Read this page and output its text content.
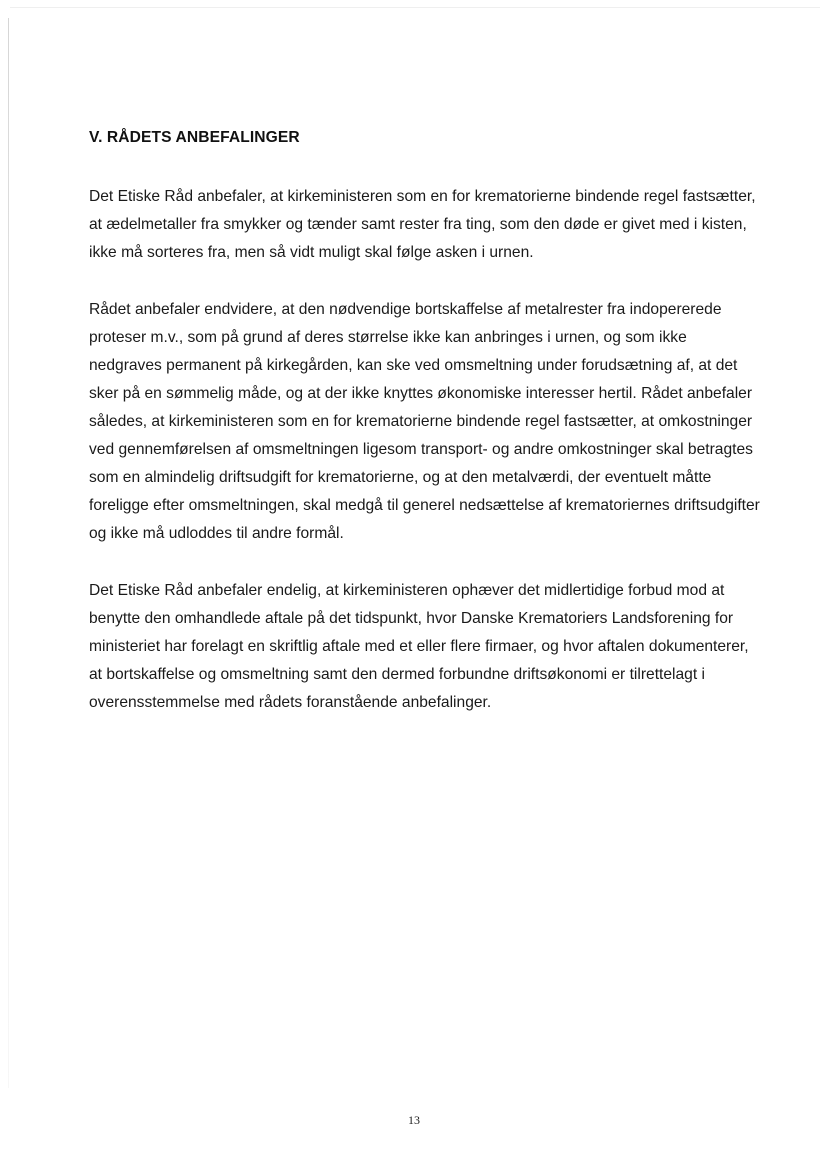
V. RÅDETS ANBEFALINGER

Det Etiske Råd anbefaler, at kirkeministeren som en for krematorierne bindende regel fastsætter, at ædelmetaller fra smykker og tænder samt rester fra ting, som den døde er givet med i kisten, ikke må sorteres fra, men så vidt muligt skal følge asken i urnen.

Rådet anbefaler endvidere, at den nødvendige bortskaffelse af metalrester fra indopererede proteser m.v., som på grund af deres størrelse ikke kan anbringes i urnen, og som ikke nedgraves permanent på kirkegården, kan ske ved omsmeltning under forudsætning af, at det sker på en sømmelig måde, og at der ikke knyttes økonomiske interesser hertil. Rådet anbefaler således, at kirkeministeren som en for krematorierne bindende regel fastsætter, at omkostninger ved gennemførelsen af omsmeltningen ligesom transport- og andre omkostninger skal betragtes som en almindelig driftsudgift for krematorierne, og at den metalværdi, der eventuelt måtte foreligge efter omsmeltningen, skal medgå til generel nedsættelse af krematoriernes driftsudgifter og ikke må udloddes til andre formål.

Det Etiske Råd anbefaler endelig, at kirkeministeren ophæver det midlertidige forbud mod at benytte den omhandlede aftale på det tidspunkt, hvor Danske Krematoriers Landsforening for ministeriet har forelagt en skriftlig aftale med et eller flere firmaer, og hvor aftalen dokumenterer, at bortskaffelse og omsmeltning samt den dermed forbundne driftsøkonomi er tilrettelagt i overensstemmelse med rådets foranstående anbefalinger.

13
